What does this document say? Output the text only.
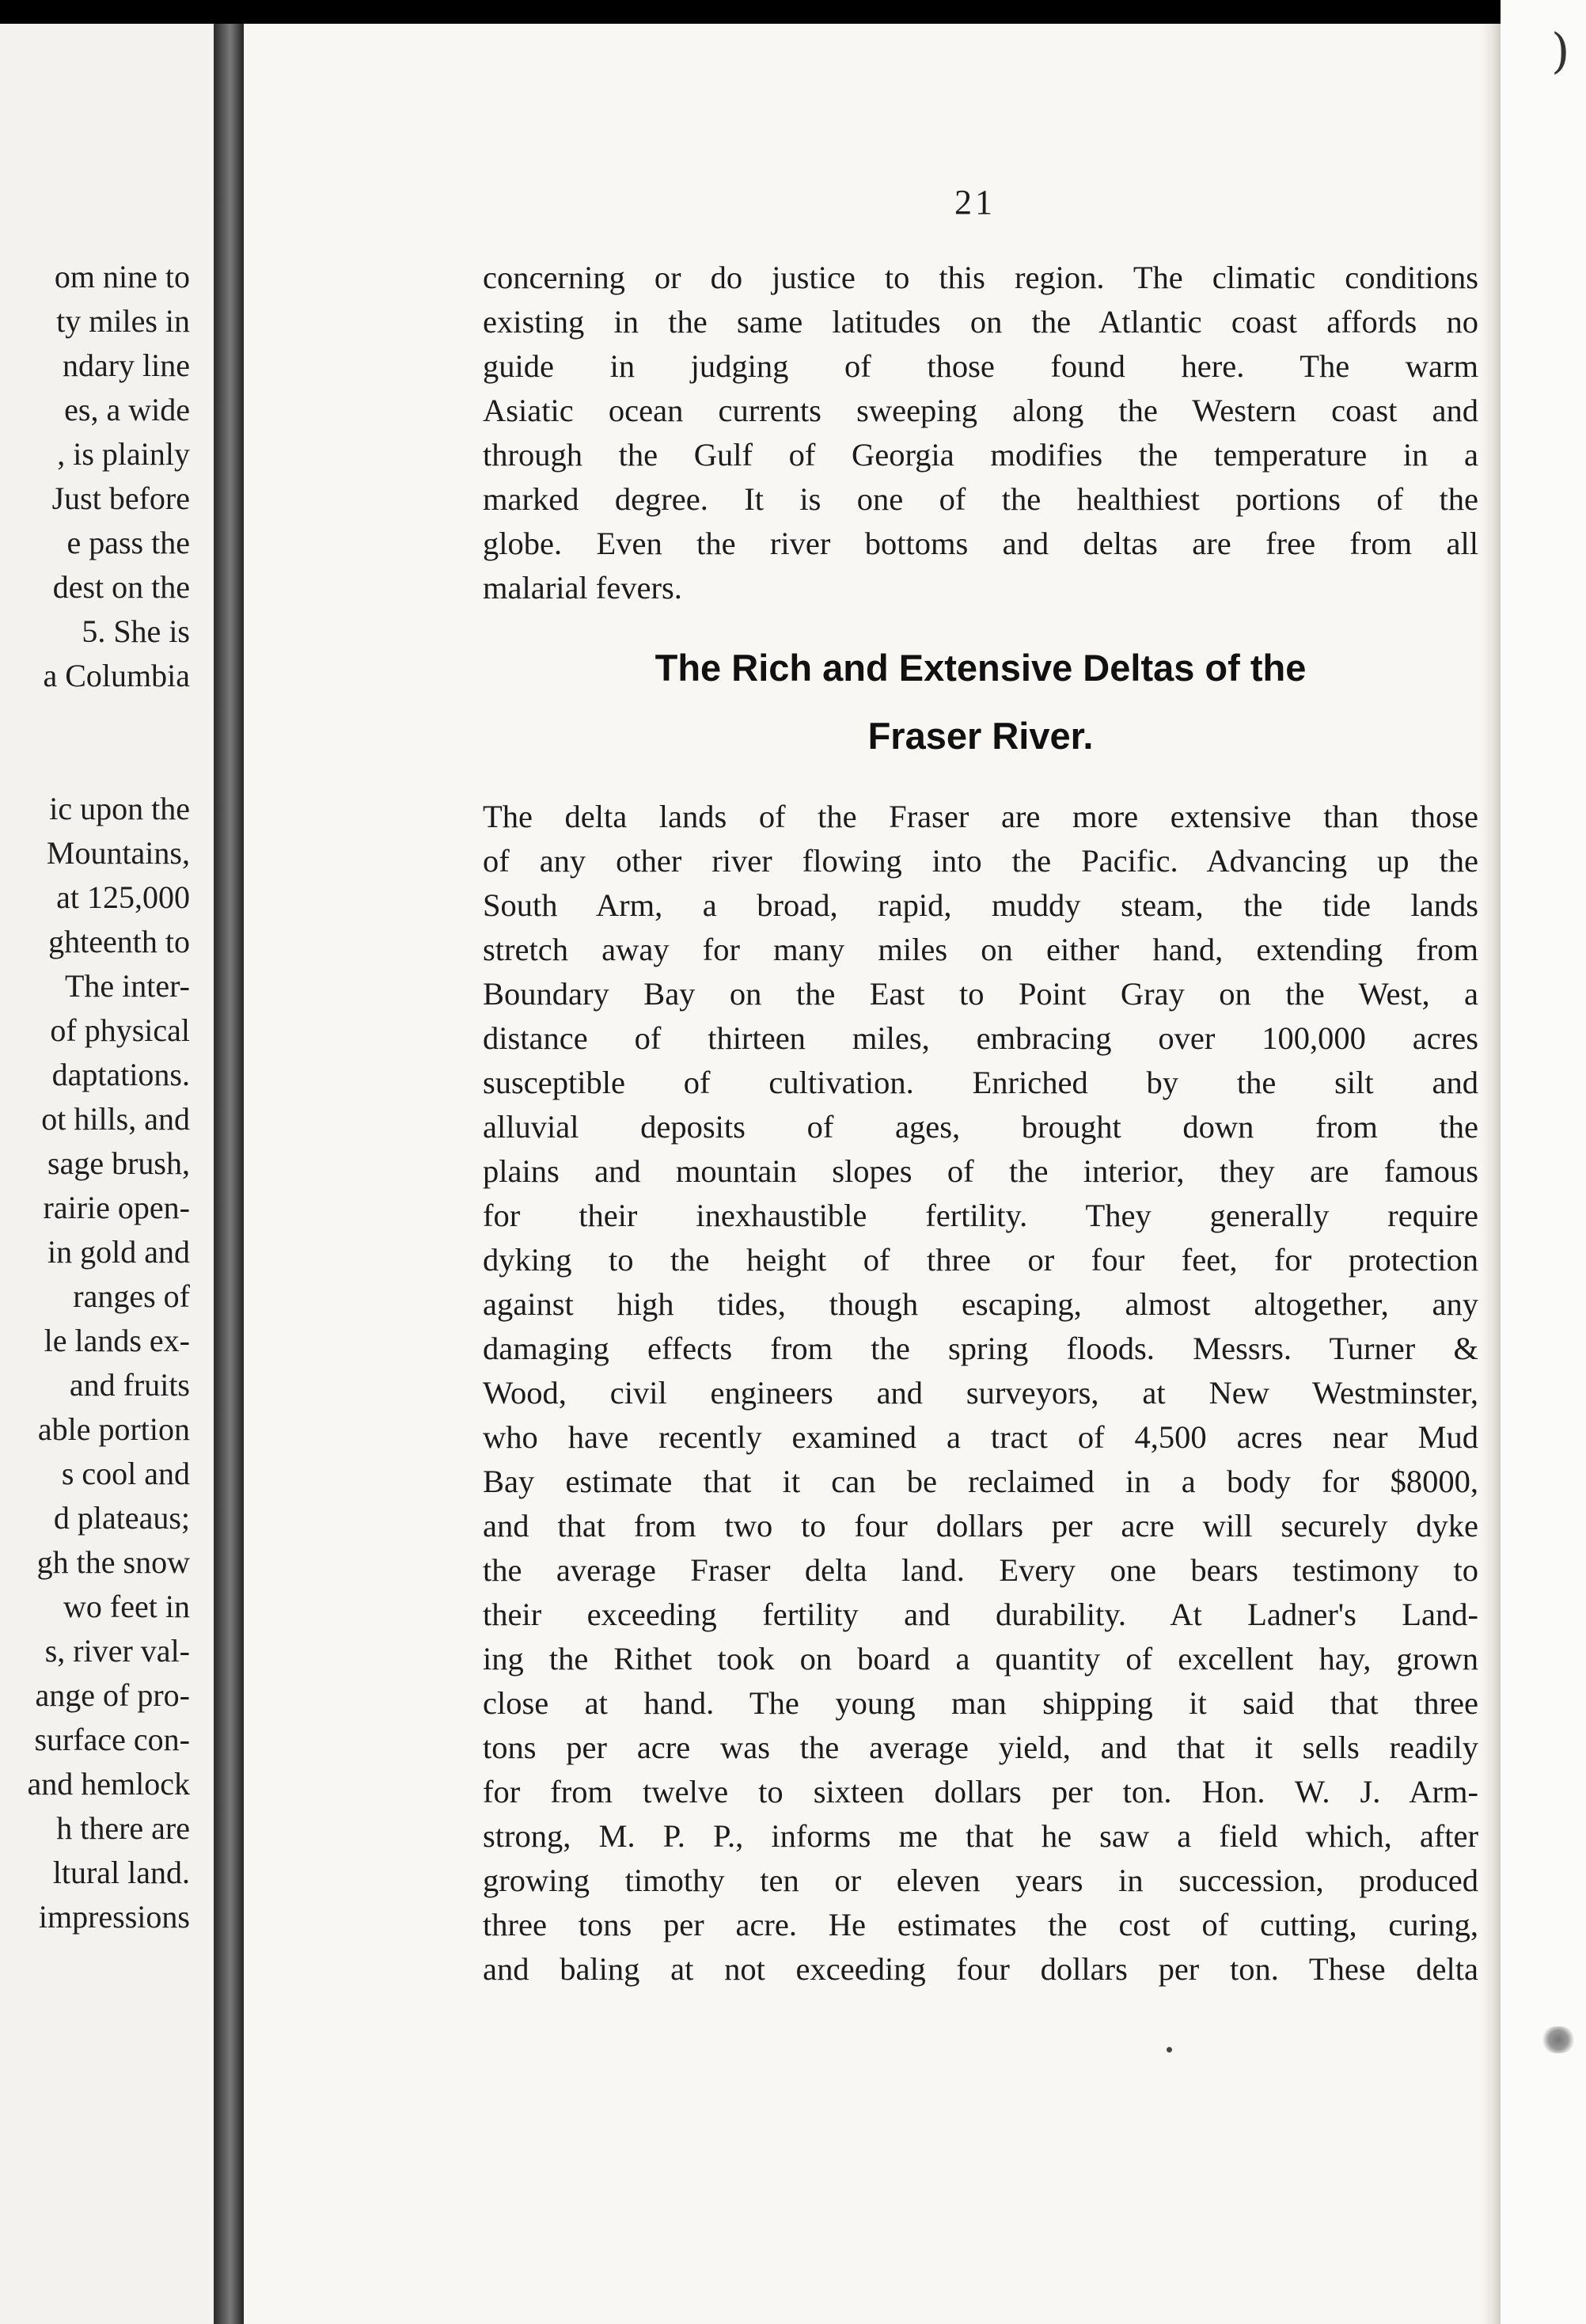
om nine to
ty miles in
ndary line
es, a wide
, is plainly
Just before
e pass the
dest on the
5. She is
a Columbia
ic upon the
Mountains,
at 125,000
ghteenth to
The inter-
of physical
daptations.
ot hills, and
sage brush,
rairie open-
in gold and
ranges of
le lands ex-
and fruits
able portion
s cool and
d plateaus;
gh the snow
wo feet in
s, river val-
ange of pro-
surface con-
and hemlock
h there are
ltural land.
impressions
21
concerning or do justice to this region. The climatic conditions
existing in the same latitudes on the Atlantic coast affords no
guide in judging of those found here. The warm
Asiatic ocean currents sweeping along the Western coast and
through the Gulf of Georgia modifies the temperature in a
marked degree. It is one of the healthiest portions of the
globe. Even the river bottoms and deltas are free from all
malarial fevers.
The Rich and Extensive Deltas of the
Fraser River.
The delta lands of the Fraser are more extensive than those
of any other river flowing into the Pacific. Advancing up the
South Arm, a broad, rapid, muddy steam, the tide lands
stretch away for many miles on either hand, extending from
Boundary Bay on the East to Point Gray on the West, a
distance of thirteen miles, embracing over 100,000 acres
susceptible of cultivation. Enriched by the silt and
alluvial deposits of ages, brought down from the
plains and mountain slopes of the interior, they are famous
for their inexhaustible fertility. They generally require
dyking to the height of three or four feet, for protection
against high tides, though escaping, almost altogether, any
damaging effects from the spring floods. Messrs. Turner &
Wood, civil engineers and surveyors, at New Westminster,
who have recently examined a tract of 4,500 acres near Mud
Bay estimate that it can be reclaimed in a body for $8000,
and that from two to four dollars per acre will securely dyke
the average Fraser delta land. Every one bears testimony to
their exceeding fertility and durability. At Ladner's Land-
ing the Rithet took on board a quantity of excellent hay, grown
close at hand. The young man shipping it said that three
tons per acre was the average yield, and that it sells readily
for from twelve to sixteen dollars per ton. Hon. W. J. Arm-
strong, M. P. P., informs me that he saw a field which, after
growing timothy ten or eleven years in succession, produced
three tons per acre. He estimates the cost of cutting, curing,
and baling at not exceeding four dollars per ton. These delta
)
